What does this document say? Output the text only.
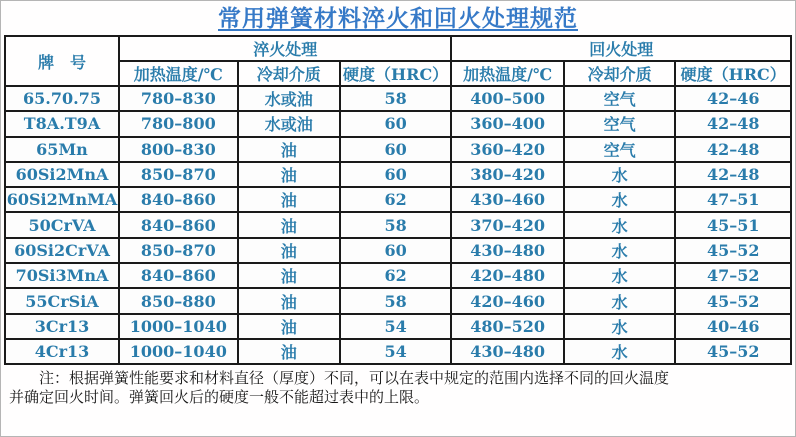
常用弹簧材料淬火和回火处理规范
牌　号	淬火处理			回火处理		
	加热温度/℃	冷却介质	硬度（HRC）	加热温度/℃	冷却介质	硬度（HRC）
65.70.75	780–830	水或油	58	400–500	空气	42–46
T8A.T9A	780–800	水或油	60	360–400	空气	42–48
65Mn	800–830	油	60	360–420	空气	42–48
60Si2MnA	850–870	油	60	380–420	水	42–48
60Si2MnMA	840–860	油	62	430–460	水	47–51
50CrVA	840–860	油	58	370–420	水	45–51
60Si2CrVA	850–870	油	60	430–480	水	45–52
70Si3MnA	840–860	油	62	420–480	水	47–52
55CrSiA	850–880	油	58	420–460	水	45–52
3Cr13	1000–1040	油	54	480–520	水	40–46
4Cr13	1000–1040	油	54	430–480	水	45–52
注：根据弹簧性能要求和材料直径（厚度）不同，可以在表中规定的范围内选择不同的回火温度
并确定回火时间。弹簧回火后的硬度一般不能超过表中的上限。
